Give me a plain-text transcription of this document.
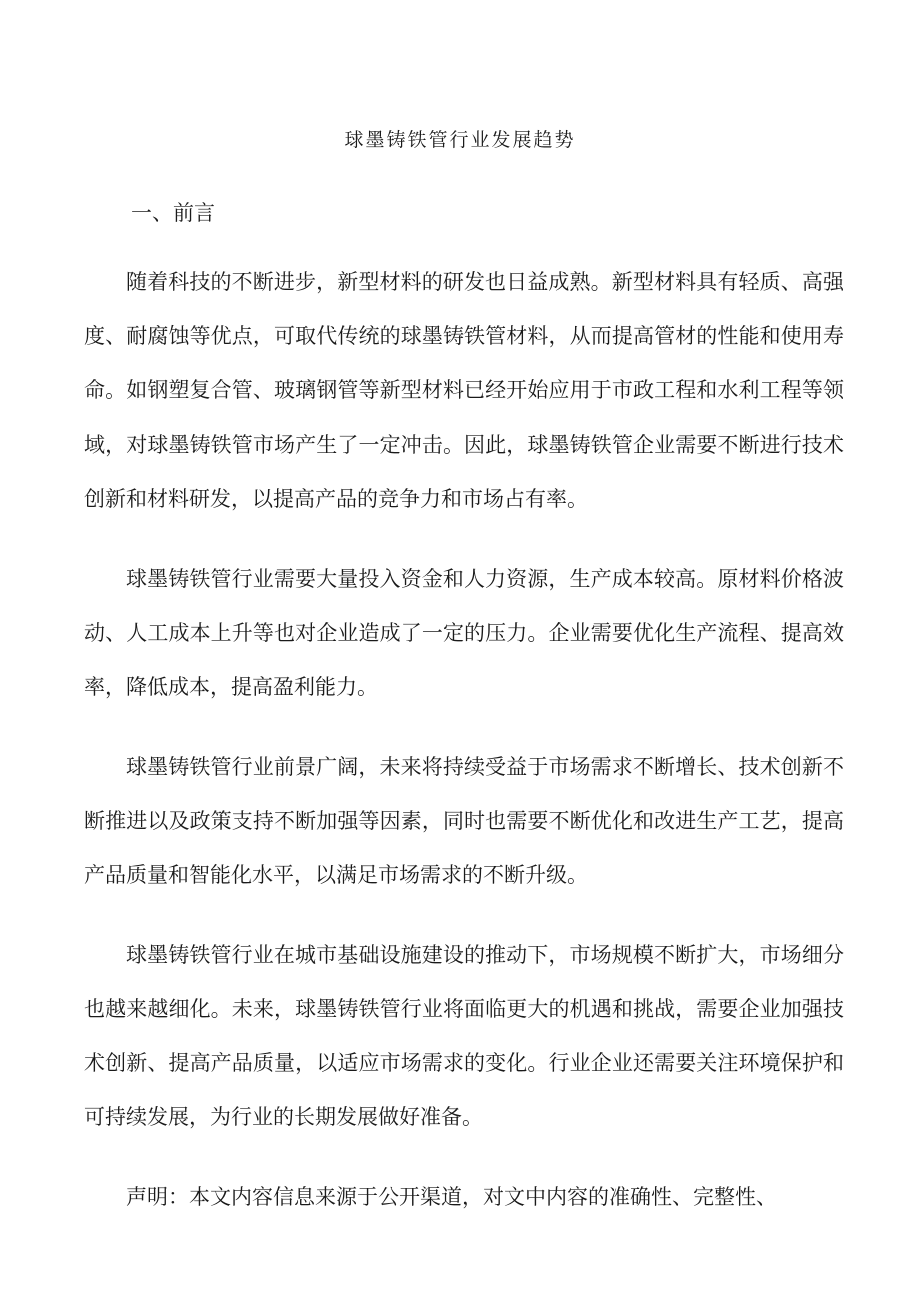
球墨铸铁管行业发展趋势
一、前言

随着科技的不断进步，新型材料的研发也日益成熟。新型材料具有轻质、高强度、耐腐蚀等优点，可取代传统的球墨铸铁管材料，从而提高管材的性能和使用寿命。如钢塑复合管、玻璃钢管等新型材料已经开始应用于市政工程和水利工程等领域，对球墨铸铁管市场产生了一定冲击。因此，球墨铸铁管企业需要不断进行技术创新和材料研发，以提高产品的竞争力和市场占有率。

球墨铸铁管行业需要大量投入资金和人力资源，生产成本较高。原材料价格波动、人工成本上升等也对企业造成了一定的压力。企业需要优化生产流程、提高效率，降低成本，提高盈利能力。

球墨铸铁管行业前景广阔，未来将持续受益于市场需求不断增长、技术创新不断推进以及政策支持不断加强等因素，同时也需要不断优化和改进生产工艺，提高产品质量和智能化水平，以满足市场需求的不断升级。

球墨铸铁管行业在城市基础设施建设的推动下，市场规模不断扩大，市场细分也越来越细化。未来，球墨铸铁管行业将面临更大的机遇和挑战，需要企业加强技术创新、提高产品质量，以适应市场需求的变化。行业企业还需要关注环境保护和可持续发展，为行业的长期发展做好准备。

声明：本文内容信息来源于公开渠道，对文中内容的准确性、完整性、
